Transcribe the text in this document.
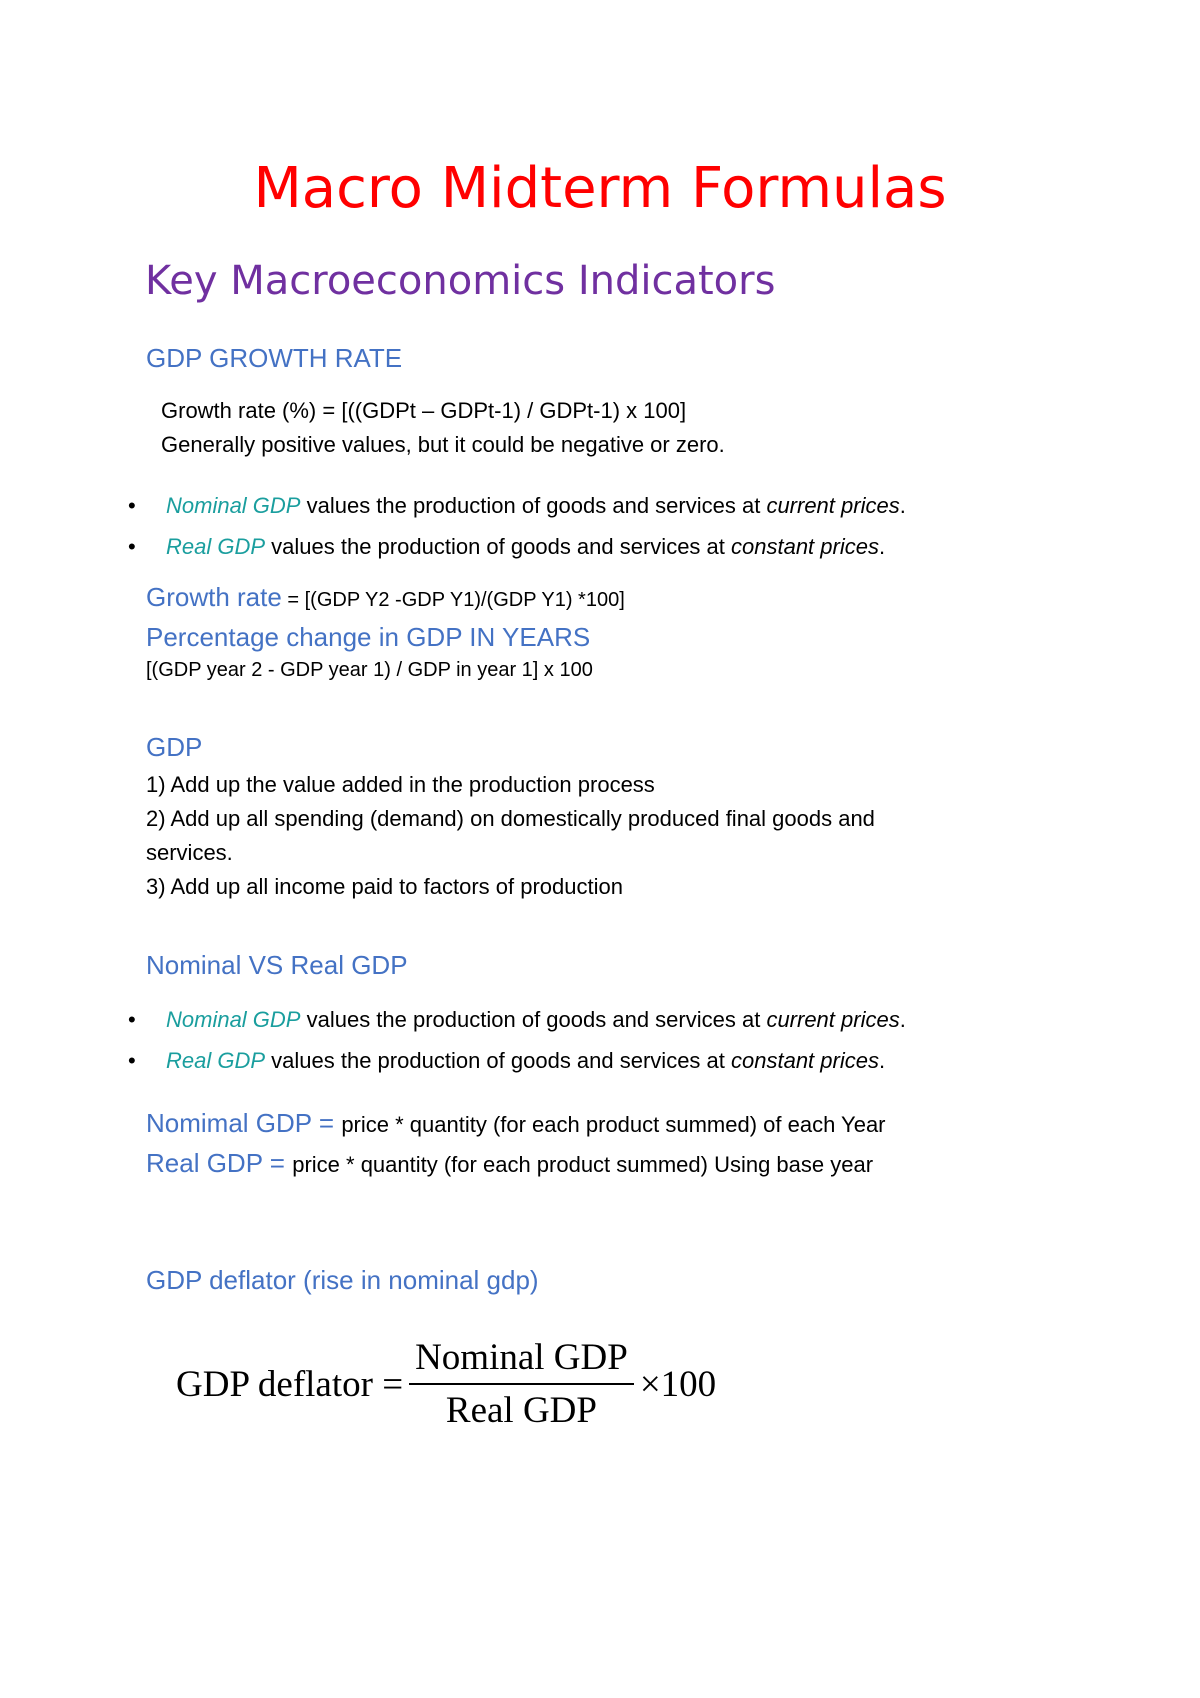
Macro Midterm Formulas
Key Macroeconomics Indicators
GDP GROWTH RATE
Growth rate (%) = [((GDPt – GDPt-1) / GDPt-1) x 100]
Generally positive values, but it could be negative or zero.
• Nominal GDP values the production of goods and services at current prices.
• Real GDP values the production of goods and services at constant prices.
Growth rate = [(GDP Y2 -GDP Y1)/(GDP Y1) *100]
Percentage change in GDP IN YEARS
[(GDP year 2 - GDP year 1) / GDP in year 1] x 100
GDP
1) Add up the value added in the production process
2) Add up all spending (demand) on domestically produced final goods and
services.
3) Add up all income paid to factors of production
Nominal VS Real GDP
• Nominal GDP values the production of goods and services at current prices.
• Real GDP values the production of goods and services at constant prices.
Nomimal GDP = price * quantity (for each product summed) of each Year
Real GDP = price * quantity (for each product summed) Using base year
GDP deflator (rise in nominal gdp)
GDP deflator = $\frac{\text{Nominal GDP}}{\text{Real GDP}} \times 100$
